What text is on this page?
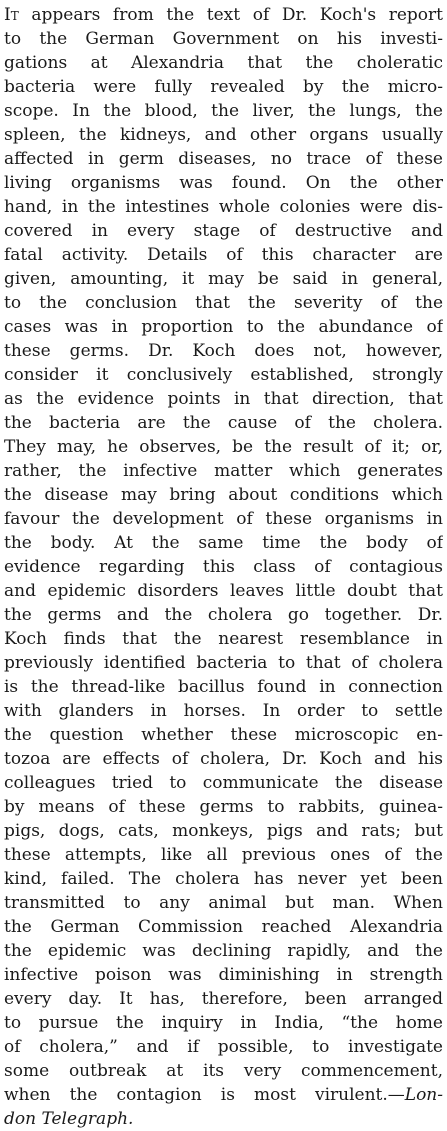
It appears from the text of Dr. Koch's report
to the German Government on his investi-
gations at Alexandria that the choleratic
bacteria were fully revealed by the micro-
scope. In the blood, the liver, the lungs, the
spleen, the kidneys, and other organs usually
affected in germ diseases, no trace of these
living organisms was found. On the other
hand, in the intestines whole colonies were dis-
covered in every stage of destructive and
fatal activity. Details of this character are
given, amounting, it may be said in general,
to the conclusion that the severity of the
cases was in proportion to the abundance of
these germs. Dr. Koch does not, however,
consider it conclusively established, strongly
as the evidence points in that direction, that
the bacteria are the cause of the cholera.
They may, he observes, be the result of it; or,
rather, the infective matter which generates
the disease may bring about conditions which
favour the development of these organisms in
the body. At the same time the body of
evidence regarding this class of contagious
and epidemic disorders leaves little doubt that
the germs and the cholera go together. Dr.
Koch finds that the nearest resemblance in
previously identified bacteria to that of cholera
is the thread-like bacillus found in connection
with glanders in horses. In order to settle
the question whether these microscopic en-
tozoa are effects of cholera, Dr. Koch and his
colleagues tried to communicate the disease
by means of these germs to rabbits, guinea-
pigs, dogs, cats, monkeys, pigs and rats; but
these attempts, like all previous ones of the
kind, failed. The cholera has never yet been
transmitted to any animal but man. When
the German Commission reached Alexandria
the epidemic was declining rapidly, and the
infective poison was diminishing in strength
every day. It has, therefore, been arranged
to pursue the inquiry in India, “the home
of cholera,” and if possible, to investigate
some outbreak at its very commencement,
when the contagion is most virulent.—Lon-
don Telegraph.
